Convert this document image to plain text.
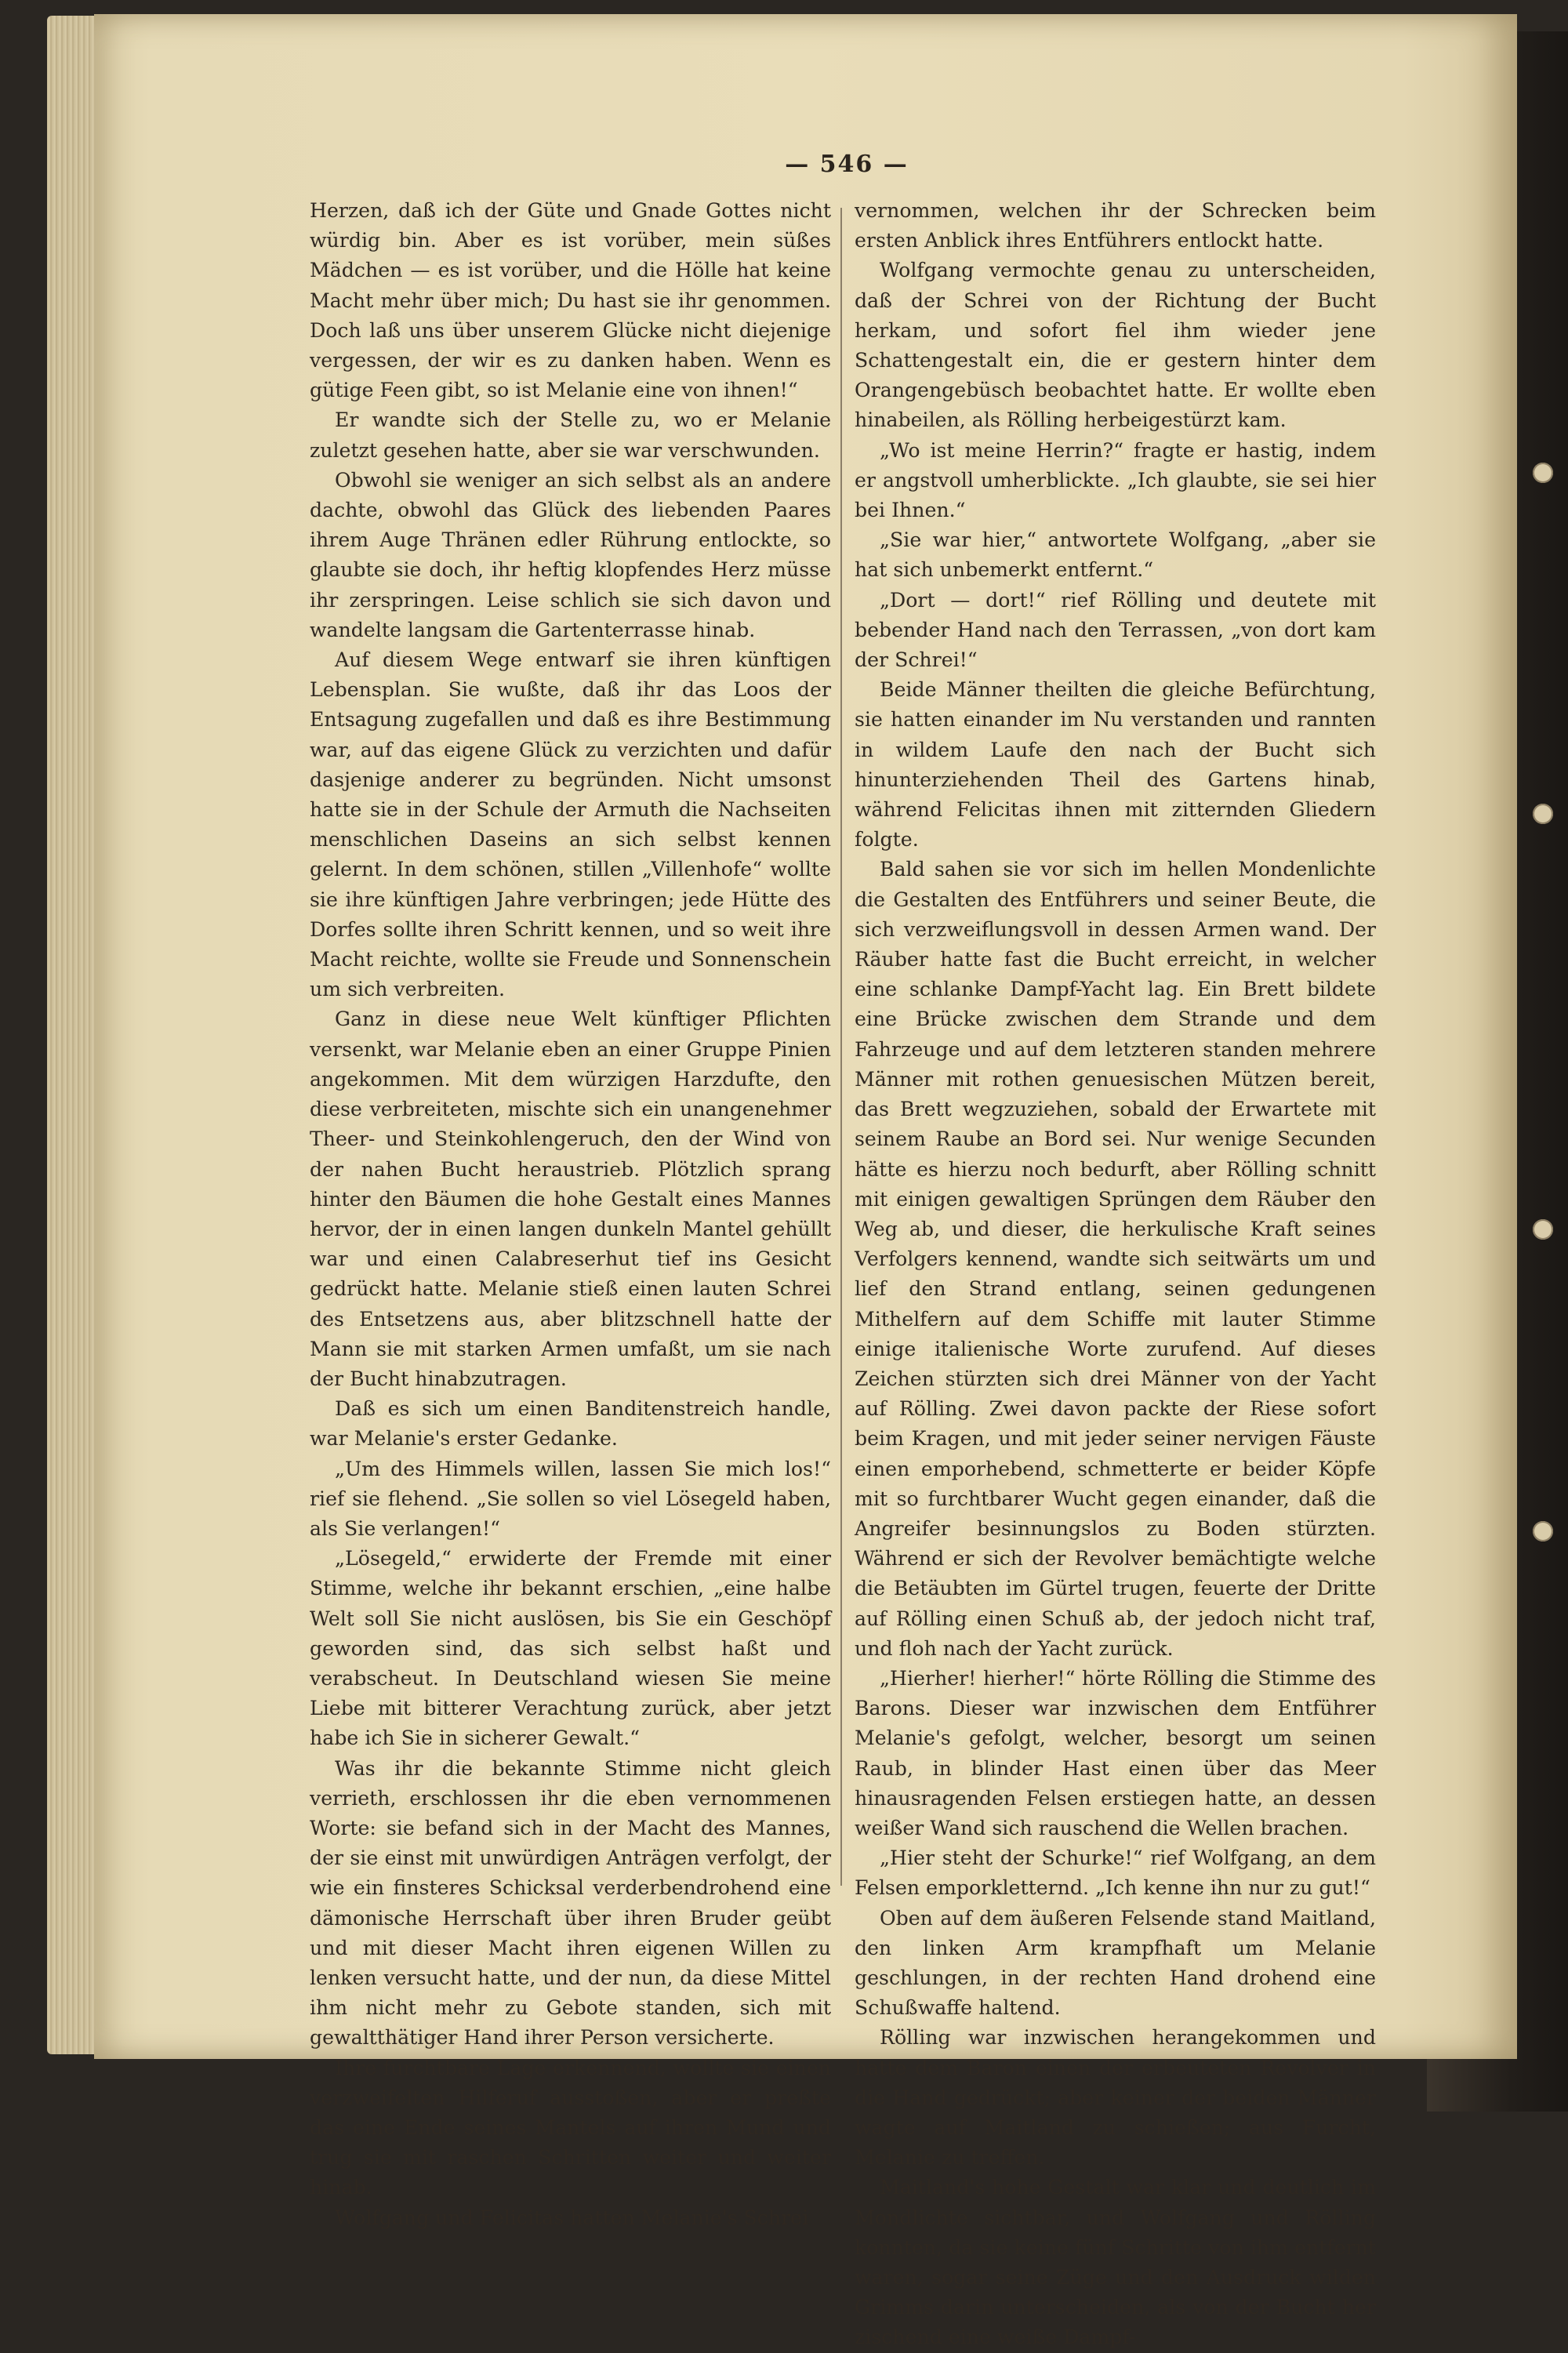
— 546 —

Herzen, daß ich der Güte und Gnade Gottes nicht würdig bin. Aber es ist vorüber, mein süßes Mädchen — es ist vorüber, und die Hölle hat keine Macht mehr über mich; Du hast sie ihr genommen. Doch laß uns über unserem Glücke nicht diejenige vergessen, der wir es zu danken haben. Wenn es gütige Feen gibt, so ist Melanie eine von ihnen!“

Er wandte sich der Stelle zu, wo er Melanie zuletzt gesehen hatte, aber sie war verschwunden.

Obwohl sie weniger an sich selbst als an andere dachte, obwohl das Glück des liebenden Paares ihrem Auge Thränen edler Rührung entlockte, so glaubte sie doch, ihr heftig klopfendes Herz müsse ihr zerspringen. Leise schlich sie sich davon und wandelte langsam die Gartenterrasse hinab.

Auf diesem Wege entwarf sie ihren künftigen Lebensplan. Sie wußte, daß ihr das Loos der Entsagung zugefallen und daß es ihre Bestimmung war, auf das eigene Glück zu verzichten und dafür dasjenige anderer zu begründen. Nicht umsonst hatte sie in der Schule der Armuth die Nachseiten menschlichen Daseins an sich selbst kennen gelernt. In dem schönen, stillen „Villenhofe“ wollte sie ihre künftigen Jahre verbringen; jede Hütte des Dorfes sollte ihren Schritt kennen, und so weit ihre Macht reichte, wollte sie Freude und Sonnenschein um sich verbreiten.

Ganz in diese neue Welt künftiger Pflichten versenkt, war Melanie eben an einer Gruppe Pinien angekommen. Mit dem würzigen Harzdufte, den diese verbreiteten, mischte sich ein unangenehmer Theer- und Steinkohlengeruch, den der Wind von der nahen Bucht heraustrieb. Plötzlich sprang hinter den Bäumen die hohe Gestalt eines Mannes hervor, der in einen langen dunkeln Mantel gehüllt war und einen Calabreserhut tief ins Gesicht gedrückt hatte. Melanie stieß einen lauten Schrei des Entsetzens aus, aber blitzschnell hatte der Mann sie mit starken Armen umfaßt, um sie nach der Bucht hinabzutragen.

Daß es sich um einen Banditenstreich handle, war Melanie's erster Gedanke.

„Um des Himmels willen, lassen Sie mich los!“ rief sie flehend. „Sie sollen so viel Lösegeld haben, als Sie verlangen!“

„Lösegeld,“ erwiderte der Fremde mit einer Stimme, welche ihr bekannt erschien, „eine halbe Welt soll Sie nicht auslösen, bis Sie ein Geschöpf geworden sind, das sich selbst haßt und verabscheut. In Deutschland wiesen Sie meine Liebe mit bitterer Verachtung zurück, aber jetzt habe ich Sie in sicherer Gewalt.“

Was ihr die bekannte Stimme nicht gleich verrieth, erschlossen ihr die eben vernommenen Worte: sie befand sich in der Macht des Mannes, der sie einst mit unwürdigen Anträgen verfolgt, der wie ein finsteres Schicksal verderbendrohend eine dämonische Herrschaft über ihren Bruder geübt und mit dieser Macht ihren eigenen Willen zu lenken versucht hatte, und der nun, da diese Mittel ihm nicht mehr zu Gebote standen, sich mit gewaltthätiger Hand ihrer Person versicherte.

Ihre furchtbare Lage erkennend, wollte sie einen verzweifelten Hilferuf ausstoßen, aber er preßte das eine Ende seines Mantels auf ihren Mund und trug sie mit raschen Schritten weiter und weiter hinab.

Wolfgang und Felicitas hatten Melanie's Schrei

vernommen, welchen ihr der Schrecken beim ersten Anblick ihres Entführers entlockt hatte.

Wolfgang vermochte genau zu unterscheiden, daß der Schrei von der Richtung der Bucht herkam, und sofort fiel ihm wieder jene Schattengestalt ein, die er gestern hinter dem Orangengebüsch beobachtet hatte. Er wollte eben hinabeilen, als Rölling herbeigestürzt kam.

„Wo ist meine Herrin?“ fragte er hastig, indem er angstvoll umherblickte. „Ich glaubte, sie sei hier bei Ihnen.“

„Sie war hier,“ antwortete Wolfgang, „aber sie hat sich unbemerkt entfernt.“

„Dort — dort!“ rief Rölling und deutete mit bebender Hand nach den Terrassen, „von dort kam der Schrei!“

Beide Männer theilten die gleiche Befürchtung, sie hatten einander im Nu verstanden und rannten in wildem Laufe den nach der Bucht sich hinunterziehenden Theil des Gartens hinab, während Felicitas ihnen mit zitternden Gliedern folgte.

Bald sahen sie vor sich im hellen Mondenlichte die Gestalten des Entführers und seiner Beute, die sich verzweiflungsvoll in dessen Armen wand. Der Räuber hatte fast die Bucht erreicht, in welcher eine schlanke Dampf-Yacht lag. Ein Brett bildete eine Brücke zwischen dem Strande und dem Fahrzeuge und auf dem letzteren standen mehrere Männer mit rothen genuesischen Mützen bereit, das Brett wegzuziehen, sobald der Erwartete mit seinem Raube an Bord sei. Nur wenige Secunden hätte es hierzu noch bedurft, aber Rölling schnitt mit einigen gewaltigen Sprüngen dem Räuber den Weg ab, und dieser, die herkulische Kraft seines Verfolgers kennend, wandte sich seitwärts um und lief den Strand entlang, seinen gedungenen Mithelfern auf dem Schiffe mit lauter Stimme einige italienische Worte zurufend. Auf dieses Zeichen stürzten sich drei Männer von der Yacht auf Rölling. Zwei davon packte der Riese sofort beim Kragen, und mit jeder seiner nervigen Fäuste einen emporhebend, schmetterte er beider Köpfe mit so furchtbarer Wucht gegen einander, daß die Angreifer besinnungslos zu Boden stürzten. Während er sich der Revolver bemächtigte welche die Betäubten im Gürtel trugen, feuerte der Dritte auf Rölling einen Schuß ab, der jedoch nicht traf, und floh nach der Yacht zurück.

„Hierher! hierher!“ hörte Rölling die Stimme des Barons. Dieser war inzwischen dem Entführer Melanie's gefolgt, welcher, besorgt um seinen Raub, in blinder Hast einen über das Meer hinausragenden Felsen erstiegen hatte, an dessen weißer Wand sich rauschend die Wellen brachen.

„Hier steht der Schurke!“ rief Wolfgang, an dem Felsen emporkletternd. „Ich kenne ihn nur zu gut!“

Oben auf dem äußeren Felsende stand Maitland, den linken Arm krampfhaft um Melanie geschlungen, in der rechten Hand drohend eine Schußwaffe haltend.

Rölling war inzwischen herangekommen und hatte dem Baron einen der erbeuteten Revolver in die Hand gedrückt; aber keiner der beiden Männer wagte auf Maitland zu schießen; aus Furcht, Melanie zu treffen.

Maitland's hohe Gestalt war klar und deutlich im Mondlichte sichtbar, und Wolfgang und Rölling konnten, da sie keine fünf Schritte von ihm entfernt waren, sogar seine Züge und den Ausdruck wilden Grimms darin unterscheiden, als von der Bucht her zischend eine weiße Dampf-
